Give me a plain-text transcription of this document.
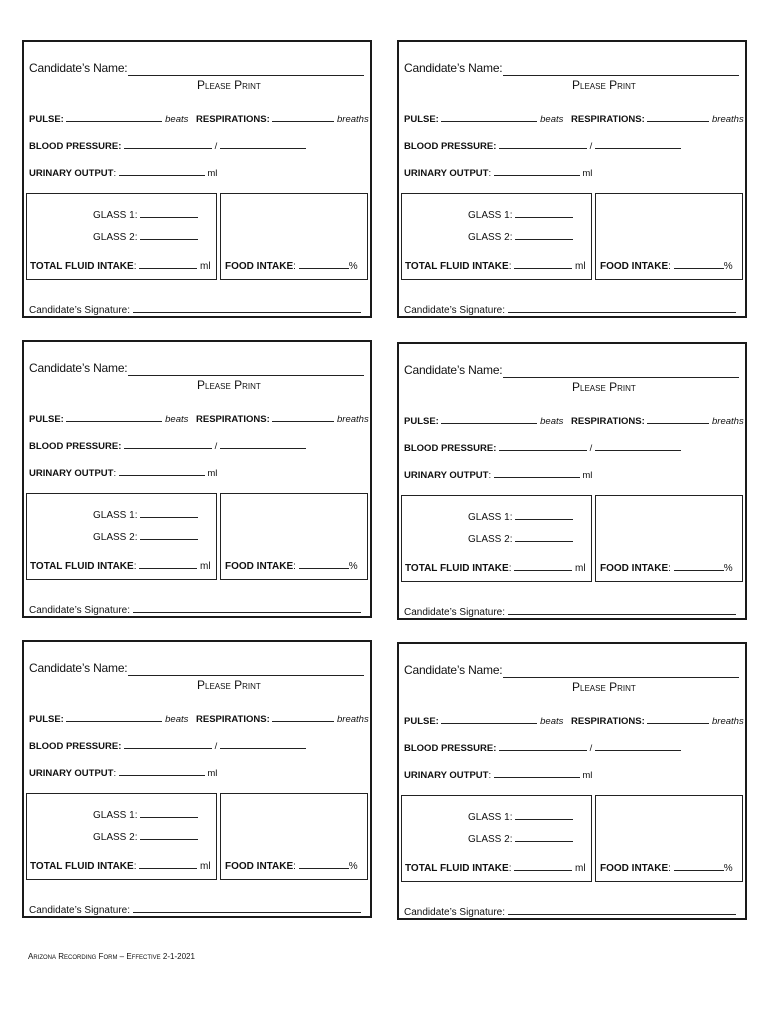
Candidate’s Name:
Please Print
PULSE:	beats RESPIRATIONS:	breaths
BLOOD PRESSURE:	/
URINARY OUTPUT:	ml
GLASS 1:
GLASS 2:
TOTAL FLUID INTAKE:	ml FOOD INTAKE:	%
Candidate’s Signature:
Candidate’s Name:
Please Print
PULSE:	beats RESPIRATIONS:	breaths
BLOOD PRESSURE:	/
URINARY OUTPUT:	ml
GLASS 1:
GLASS 2:
TOTAL FLUID INTAKE:	ml FOOD INTAKE:	%
Candidate’s Signature:
Candidate’s Name:
Please Print
PULSE:	beats RESPIRATIONS:	breaths
BLOOD PRESSURE:	/
URINARY OUTPUT:	ml
GLASS 1:
GLASS 2:
TOTAL FLUID INTAKE:	ml FOOD INTAKE:	%
Candidate’s Signature:
Candidate’s Name:
Please Print
PULSE:	beats RESPIRATIONS:	breaths
BLOOD PRESSURE:	/
URINARY OUTPUT:	ml
GLASS 1:
GLASS 2:
TOTAL FLUID INTAKE:	ml FOOD INTAKE:	%
Candidate’s Signature:
Candidate’s Name:
Please Print
PULSE:	beats RESPIRATIONS:	breaths
BLOOD PRESSURE:	/
URINARY OUTPUT:	ml
GLASS 1:
GLASS 2:
TOTAL FLUID INTAKE:	ml FOOD INTAKE:	%
Candidate’s Signature:
Candidate’s Name:
Please Print
PULSE:	beats RESPIRATIONS:	breaths
BLOOD PRESSURE:	/
URINARY OUTPUT:	ml
GLASS 1:
GLASS 2:
TOTAL FLUID INTAKE:	ml FOOD INTAKE:	%
Candidate’s Signature:
Arizona Recording Form – Effective 2-1-2021
